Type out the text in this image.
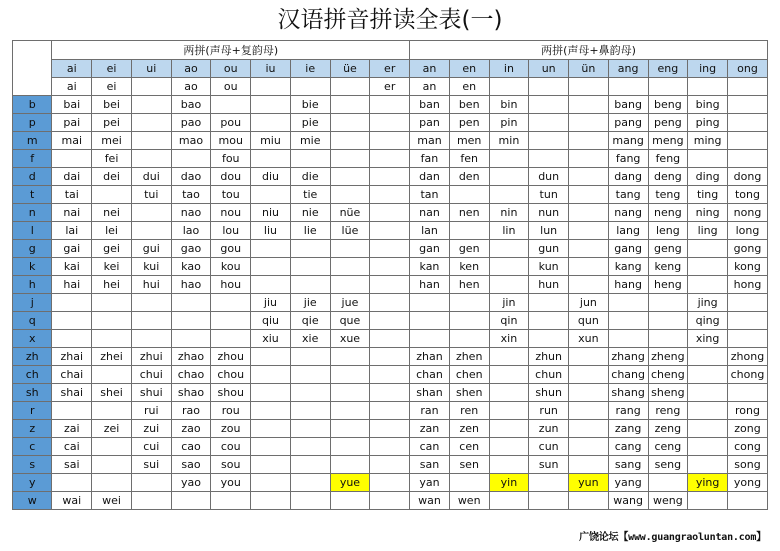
汉语拼音拼读全表(一)
	两拼(声母+复韵母)									两拼(声母+鼻韵母)								
	ai	ei	ui	ao	ou	iu	ie	üe	er	an	en	in	un	ün	ang	eng	ing	ong
	ai	ei		ao	ou				er	an	en							
b	bai	bei		bao			bie			ban	ben	bin			bang	beng	bing	
p	pai	pei		pao	pou		pie			pan	pen	pin			pang	peng	ping	
m	mai	mei		mao	mou	miu	mie			man	men	min			mang	meng	ming	
f		fei			fou					fan	fen				fang	feng		
d	dai	dei	dui	dao	dou	diu	die			dan	den		dun		dang	deng	ding	dong
t	tai		tui	tao	tou		tie			tan			tun		tang	teng	ting	tong
n	nai	nei		nao	nou	niu	nie	nüe		nan	nen	nin	nun		nang	neng	ning	nong
l	lai	lei		lao	lou	liu	lie	lüe		lan		lin	lun		lang	leng	ling	long
g	gai	gei	gui	gao	gou					gan	gen		gun		gang	geng		gong
k	kai	kei	kui	kao	kou					kan	ken		kun		kang	keng		kong
h	hai	hei	hui	hao	hou					han	hen		hun		hang	heng		hong
j						jiu	jie	jue				jin		jun			jing	
q						qiu	qie	que				qin		qun			qing	
x						xiu	xie	xue				xin		xun			xing	
zh	zhai	zhei	zhui	zhao	zhou					zhan	zhen		zhun		zhang	zheng		zhong
ch	chai		chui	chao	chou					chan	chen		chun		chang	cheng		chong
sh	shai	shei	shui	shao	shou					shan	shen		shun		shang	sheng		
r			rui	rao	rou					ran	ren		run		rang	reng		rong
z	zai	zei	zui	zao	zou					zan	zen		zun		zang	zeng		zong
c	cai		cui	cao	cou					can	cen		cun		cang	ceng		cong
s	sai		sui	sao	sou					san	sen		sun		sang	seng		song
y				yao	you			yue		yan		yin		yun	yang		ying	yong
w	wai	wei								wan	wen				wang	weng		
广饶论坛【www.guangraoluntan.com】
